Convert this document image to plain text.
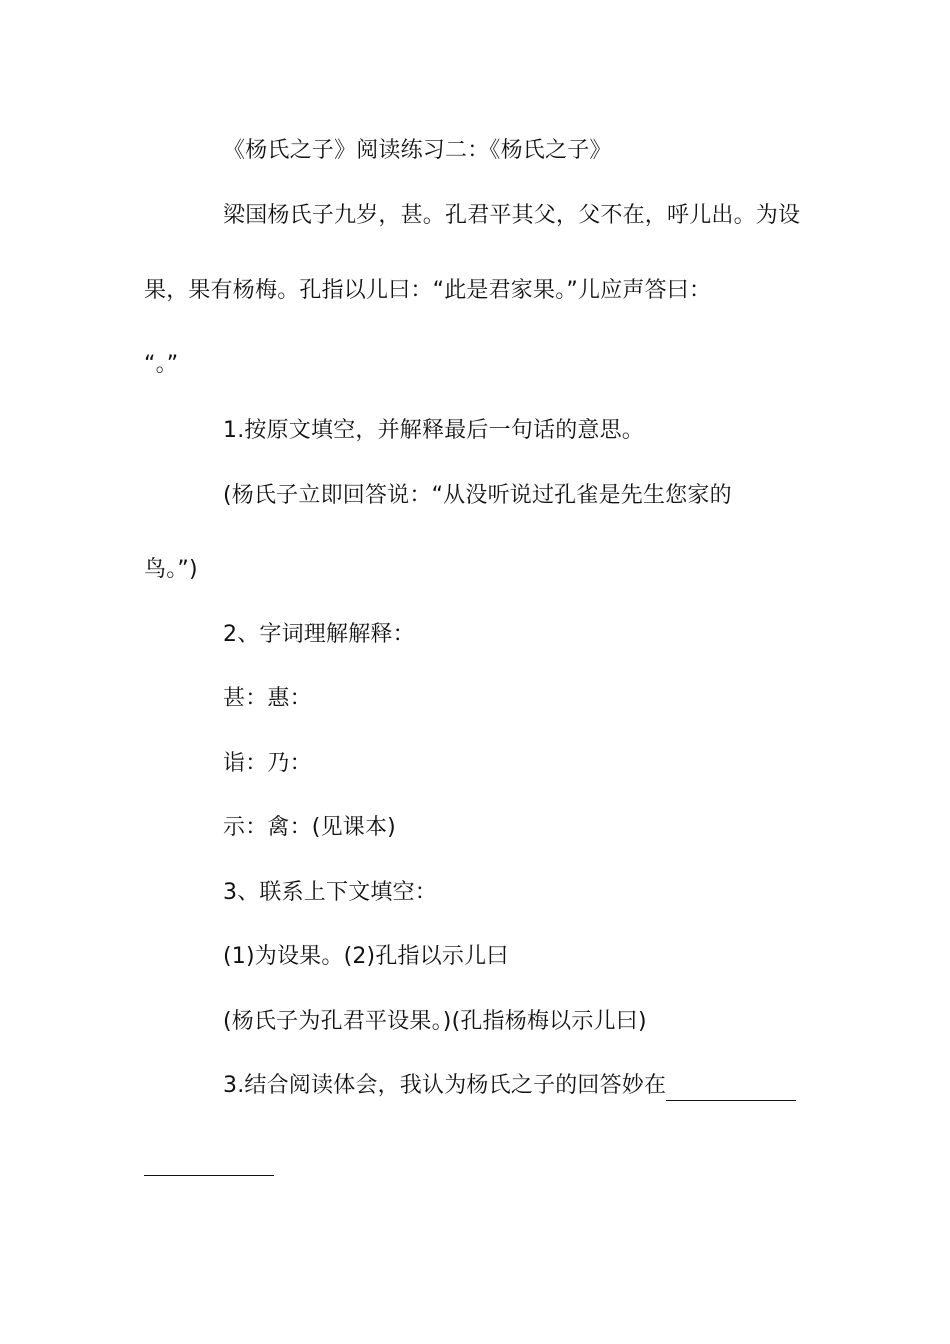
《杨氏之子》阅读练习二：《杨氏之子》
梁国杨氏子九岁，甚。孔君平其父，父不在，呼儿出。为设
果，果有杨梅。孔指以儿曰：“此是君家果。”儿应声答曰：
“。”
1.按原文填空，并解释最后一句话的意思。
(杨氏子立即回答说：“从没听说过孔雀是先生您家的
鸟。”)
2、字词理解解释：
甚：惠：
诣：乃：
示：禽：(见课本)
3、联系上下文填空：
(1)为设果。(2)孔指以示儿曰
(杨氏子为孔君平设果。)(孔指杨梅以示儿曰)
3.结合阅读体会，我认为杨氏之子的回答妙在
